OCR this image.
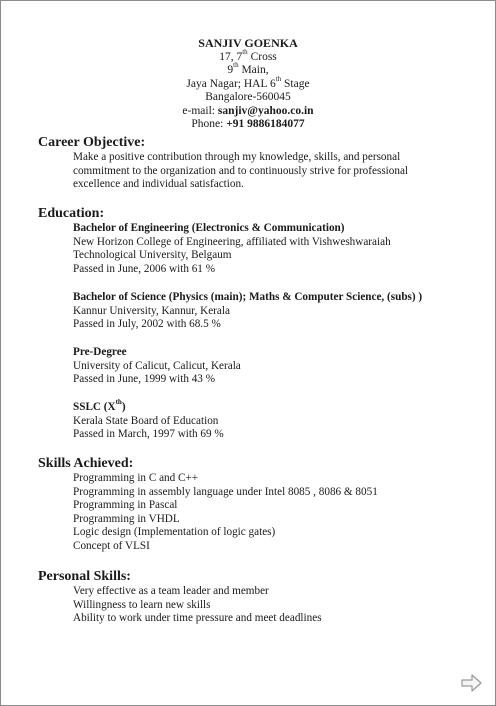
SANJIV GOENKA
17, 7th Cross
9th Main,
Jaya Nagar; HAL 6th Stage
Bangalore-560045
e-mail: sanjiv@yahoo.co.in
Phone: +91 9886184077
Career Objective:
Make a positive contribution through my knowledge, skills, and personal
commitment to the organization and to continuously strive for professional
excellence and individual satisfaction.
Education:
Bachelor of Engineering (Electronics & Communication)
New Horizon College of Engineering, affiliated with Vishweshwaraiah
Technological University, Belgaum
Passed in June, 2006 with 61 %
Bachelor of Science (Physics (main); Maths & Computer Science, (subs) )
Kannur University, Kannur, Kerala
Passed in July, 2002 with 68.5 %
Pre-Degree
University of Calicut, Calicut, Kerala
Passed in June, 1999 with 43 %
SSLC (Xth)
Kerala State Board of Education
Passed in March, 1997 with 69 %
Skills Achieved:
Programming in C and C++
Programming in assembly language under Intel 8085 , 8086 & 8051
Programming in Pascal
Programming in VHDL
Logic design (Implementation of logic gates)
Concept of VLSI
Personal Skills:
Very effective as a team leader and member
Willingness to learn new skills
Ability to work under time pressure and meet deadlines
